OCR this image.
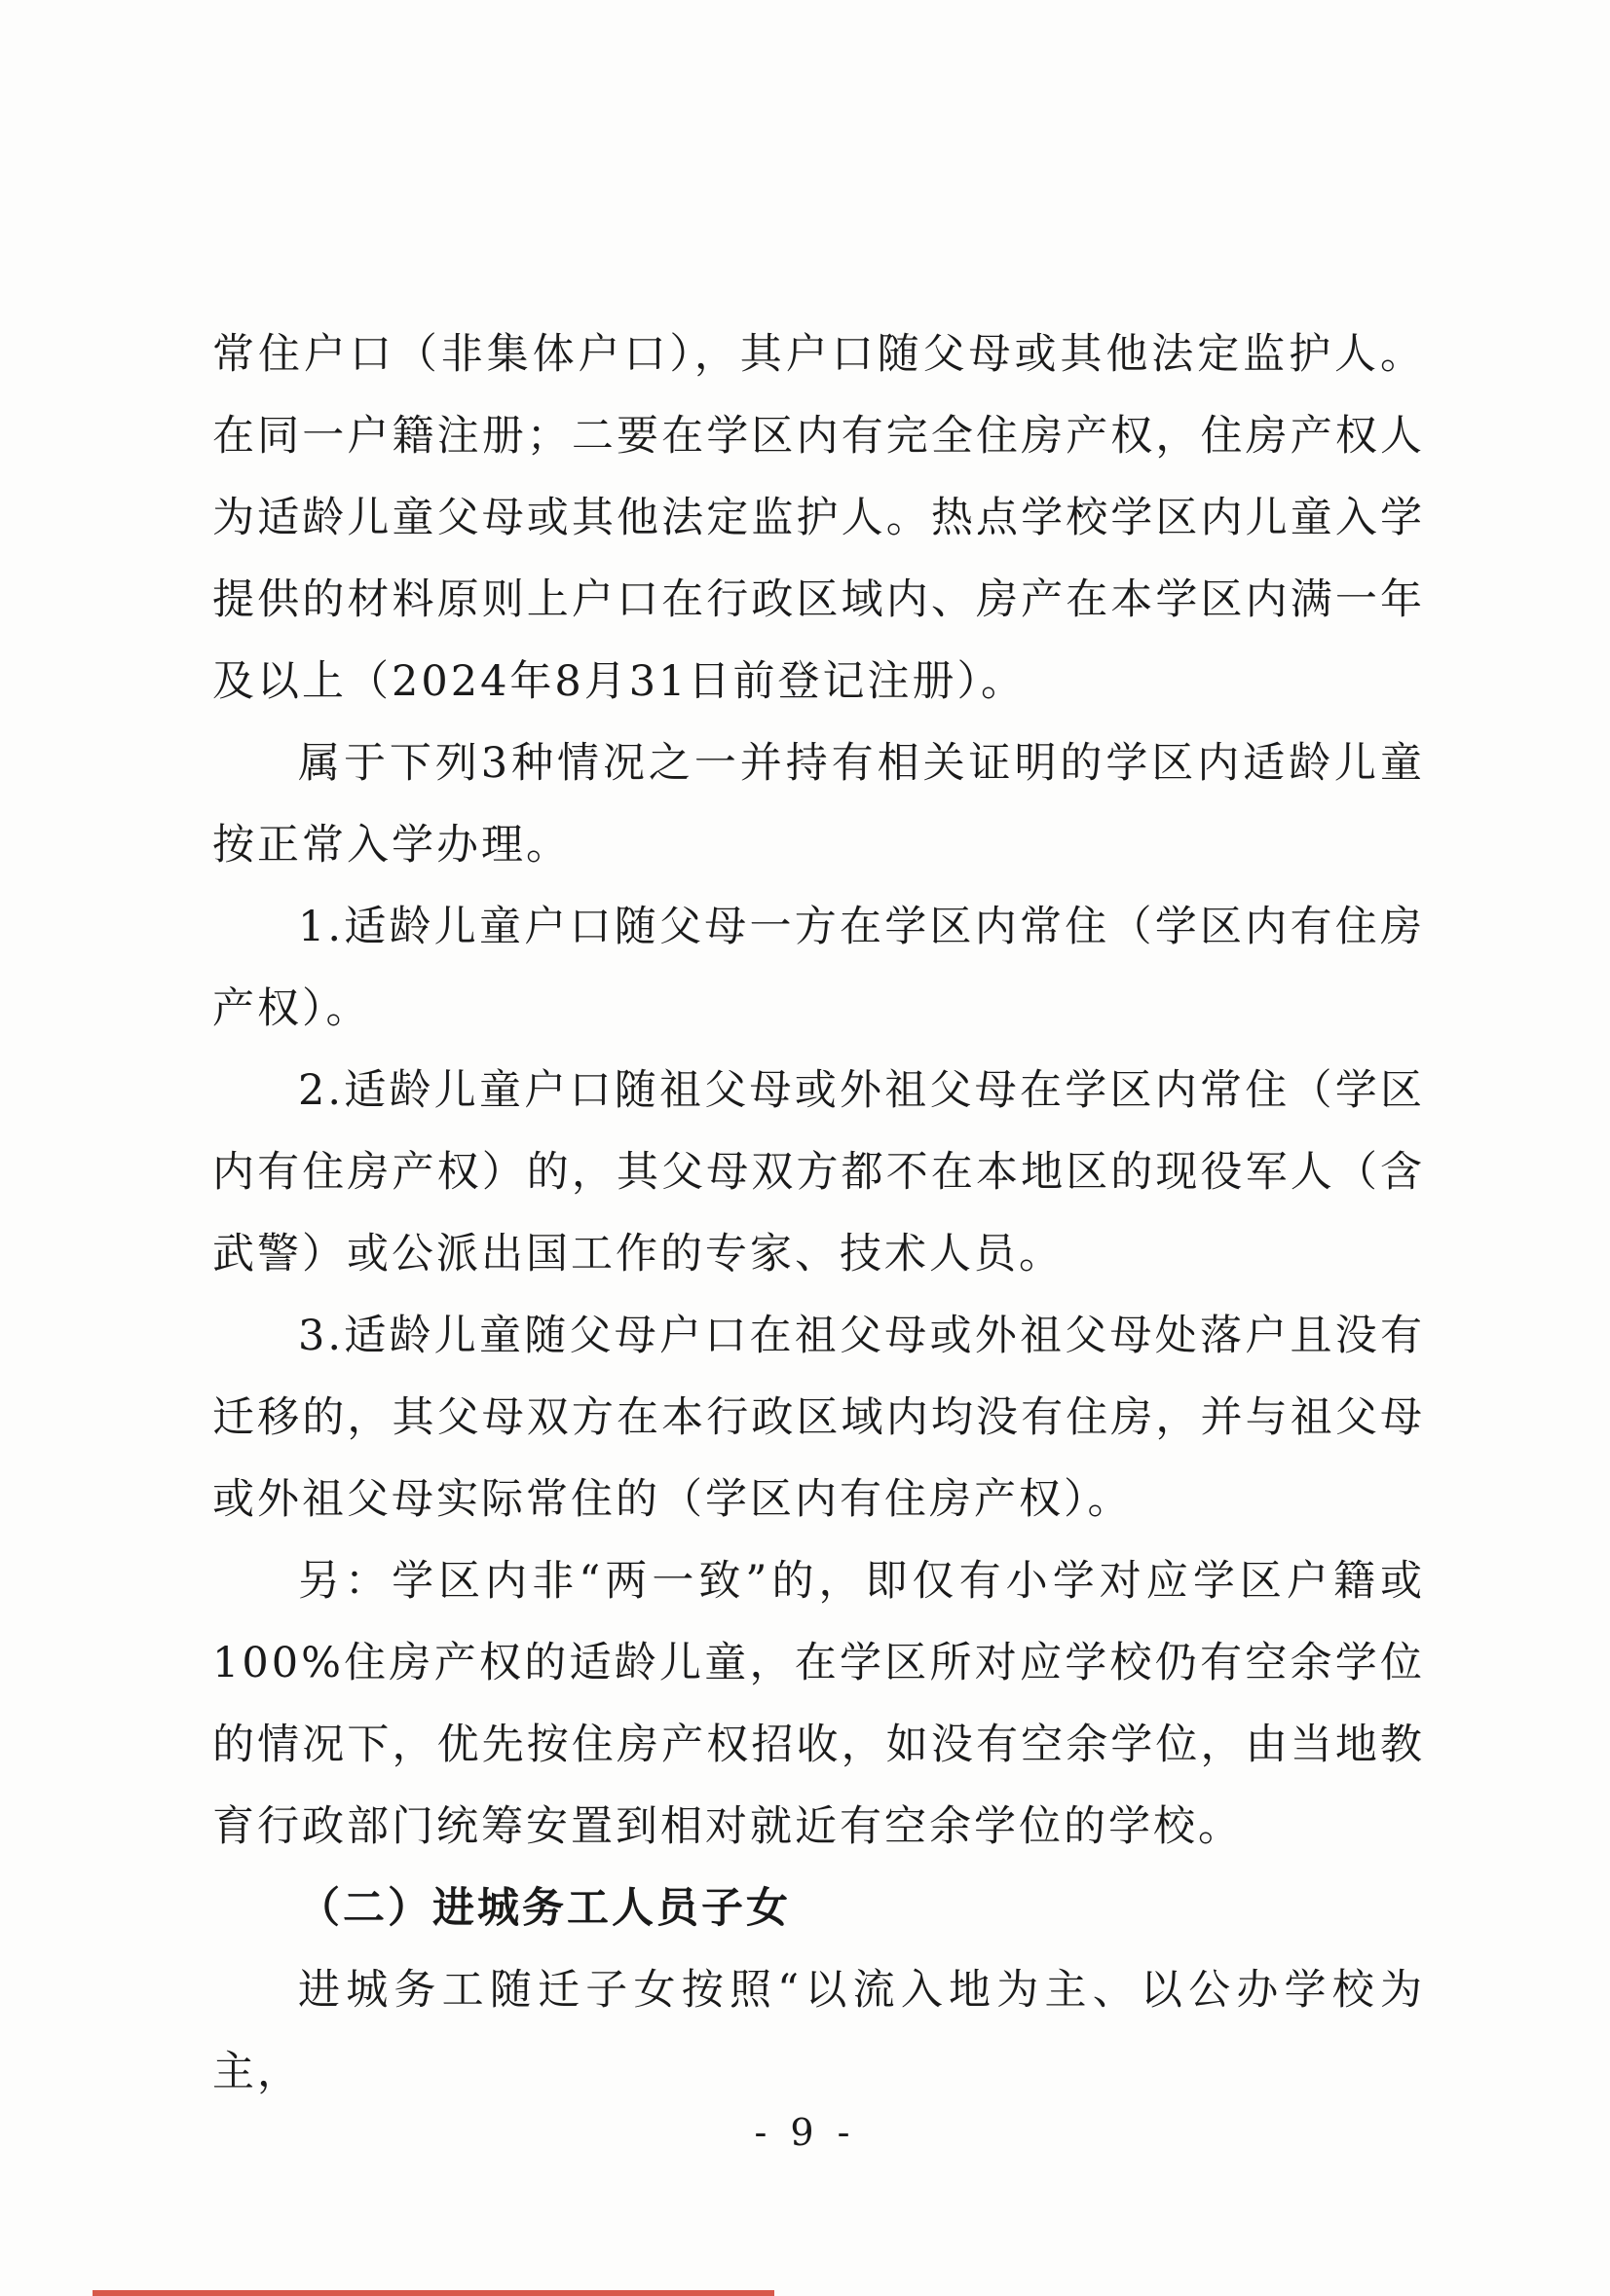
常住户口（非集体户口），其户口随父母或其他法定监护人。在同一户籍注册；二要在学区内有完全住房产权，住房产权人为适龄儿童父母或其他法定监护人。热点学校学区内儿童入学提供的材料原则上户口在行政区域内、房产在本学区内满一年及以上（2024年8月31日前登记注册）。

属于下列3种情况之一并持有相关证明的学区内适龄儿童按正常入学办理。

1.适龄儿童户口随父母一方在学区内常住（学区内有住房产权）。

2.适龄儿童户口随祖父母或外祖父母在学区内常住（学区内有住房产权）的，其父母双方都不在本地区的现役军人（含武警）或公派出国工作的专家、技术人员。

3.适龄儿童随父母户口在祖父母或外祖父母处落户且没有迁移的，其父母双方在本行政区域内均没有住房，并与祖父母或外祖父母实际常住的（学区内有住房产权）。

另：学区内非“两一致”的，即仅有小学对应学区户籍或100%住房产权的适龄儿童，在学区所对应学校仍有空余学位的情况下，优先按住房产权招收，如没有空余学位，由当地教育行政部门统筹安置到相对就近有空余学位的学校。

（二）进城务工人员子女

进城务工随迁子女按照“以流入地为主、以公办学校为主，

- 9 -
